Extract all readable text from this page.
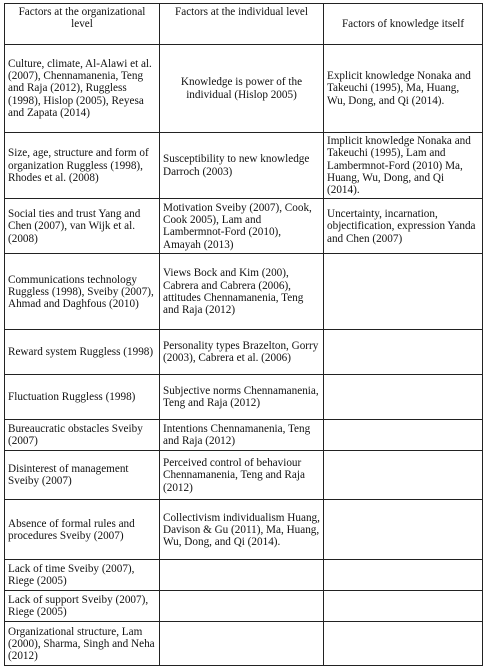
Factors at the organizational level	Factors at the individual level	Factors of knowledge itself
Culture, climate, Al-Alawi et al. (2007), Chennamanenia, Teng and Raja (2012), Ruggless (1998), Hislop (2005), Reyesa and Zapata (2014)	Knowledge is power of the individual (Hislop 2005)	Explicit knowledge Nonaka and Takeuchi (1995), Ma, Huang, Wu, Dong, and Qi (2014).
Size, age, structure and form of organization Ruggless (1998), Rhodes et al. (2008)	Susceptibility to new knowledge Darroch (2003)	Implicit knowledge Nonaka and Takeuchi (1995), Lam and Lambermnot-Ford (2010) Ma, Huang, Wu, Dong, and Qi (2014).
Social ties and trust Yang and Chen (2007), van Wijk et al. (2008)	Motivation Sveiby (2007), Cook, Cook 2005), Lam and Lambermnot-Ford (2010), Amayah (2013)	Uncertainty, incarnation, objectification, expression Yanda and Chen (2007)
Communications technology Ruggless (1998), Sveiby (2007), Ahmad and Daghfous (2010)	Views Bock and Kim (200), Cabrera and Cabrera (2006), attitudes Chennamanenia, Teng and Raja (2012)	
Reward system Ruggless (1998)	Personality types Brazelton, Gorry (2003), Cabrera et al. (2006)	
Fluctuation Ruggless (1998)	Subjective norms Chennamanenia, Teng and Raja (2012)	
Bureaucratic obstacles Sveiby (2007)	Intentions Chennamanenia, Teng and Raja (2012)	
Disinterest of management Sveiby (2007)	Perceived control of behaviour Chennamanenia, Teng and Raja (2012)	
Absence of formal rules and procedures Sveiby (2007)	Collectivism individualism Huang, Davison & Gu (2011), Ma, Huang, Wu, Dong, and Qi (2014).	
Lack of time Sveiby (2007), Riege (2005)		
Lack of support Sveiby (2007), Riege (2005)		
Organizational structure, Lam (2000), Sharma, Singh and Neha (2012)		
